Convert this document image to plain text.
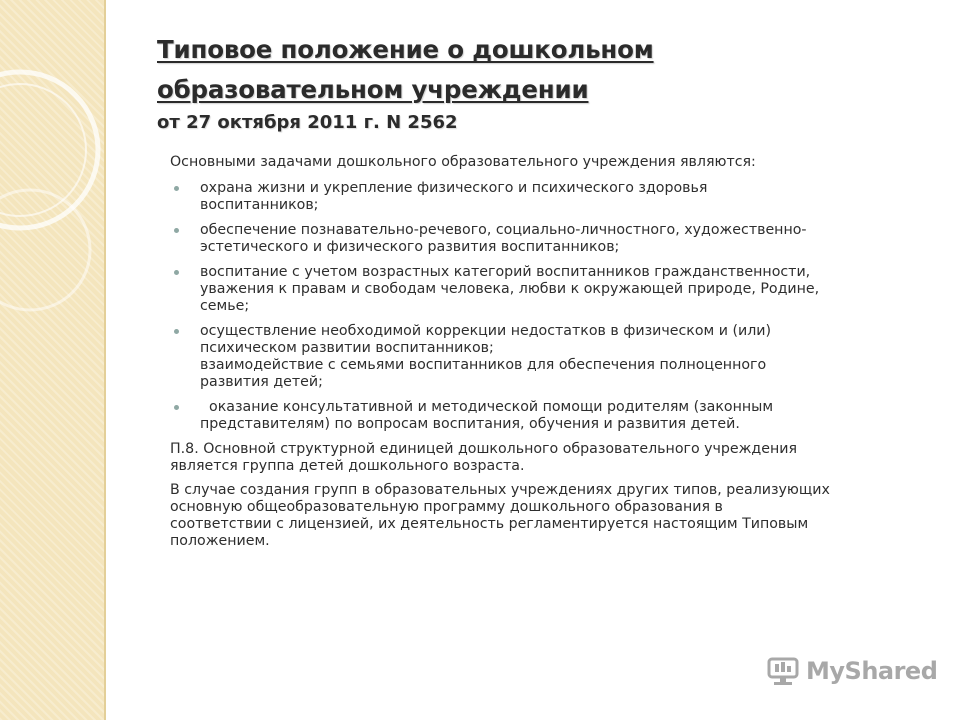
Типовое положение о дошкольном
образовательном учреждении
от 27 октября 2011 г. N 2562
Основными задачами дошкольного образовательного учреждения являются:
охрана жизни и укрепление физического и психического здоровья
воспитанников;
обеспечение познавательно-речевого, социально-личностного, художественно-
эстетического и физического развития воспитанников;
воспитание с учетом возрастных категорий воспитанников гражданственности,
уважения к правам и свободам человека, любви к окружающей природе, Родине,
семье;
осуществление необходимой коррекции недостатков в физическом и (или)
психическом развитии воспитанников;
взаимодействие с семьями воспитанников для обеспечения полноценного
развития детей;
оказание консультативной и методической помощи родителям (законным
представителям) по вопросам воспитания, обучения и развития детей.
П.8. Основной структурной единицей дошкольного образовательного учреждения
является группа детей дошкольного возраста.
В случае создания групп в образовательных учреждениях других типов, реализующих
основную общеобразовательную программу дошкольного образования в
соответствии с лицензией, их деятельность регламентируется настоящим Типовым
положением.
MyShared
